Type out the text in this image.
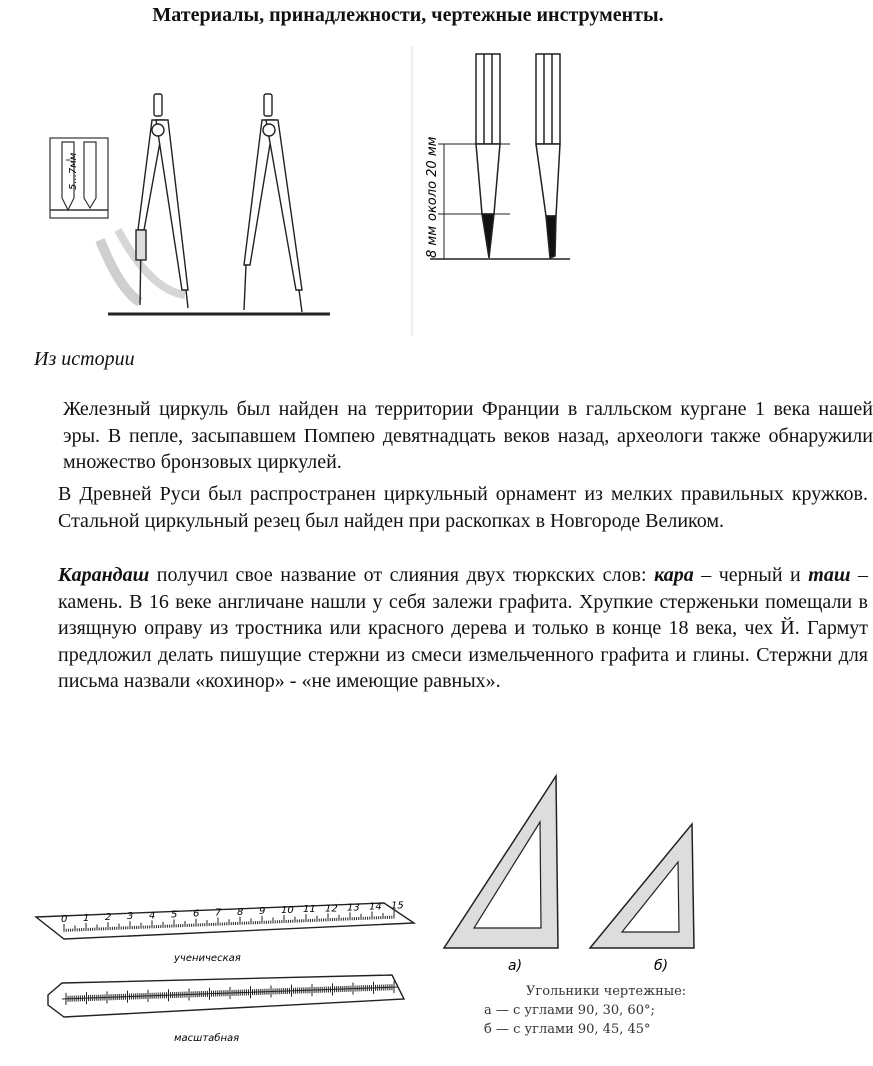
Материалы, принадлежности, чертежные инструменты.
5...7мм	около 20 мм
8 мм
Из истории
Железный циркуль был найден на территории Франции в галльском кургане 1 века нашей эры. В пепле, засыпавшем Помпею девятнадцать веков назад, археологи также обнаружили множество бронзовых циркулей.
В Древней Руси был распространен циркульный орнамент из мелких правильных кружков. Стальной циркульный резец был найден при раскопках в Новгороде Великом.
Карандаш получил свое название от слияния двух тюркских слов: кара – черный и таш – камень. В 16 веке англичане нашли у себя залежи графита. Хрупкие стерженьки помещали в изящную оправу из тростника или красного дерева и только в конце 18 века, чех Й. Гармут предложил делать пишущие стержни из смеси измельченного графита и глины. Стержни для письма назвали «кохинор» - «не имеющие равных».
0 1 2 3 4 5 6 7 8 9 10 11 12 13 14 15
ученическая
масштабная
а)	б)
Угольники чертежные:
а — с углами 90, 30, 60°;
б — с углами 90, 45, 45°
